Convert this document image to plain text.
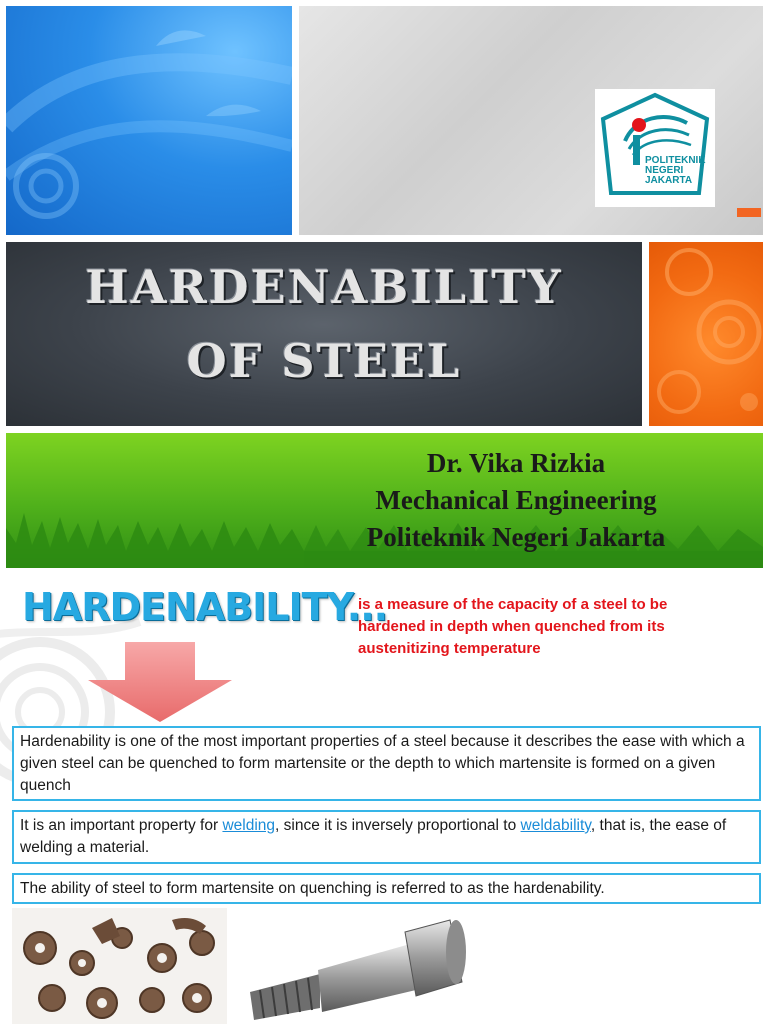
POLITEKNIK
NEGERI
JAKARTA
HARDENABILITY
OF STEEL
Dr. Vika Rizkia
Mechanical Engineering
Politeknik Negeri Jakarta
HARDENABILITY...
is a measure of the capacity of a steel to be hardened in depth when quenched from its austenitizing temperature
Hardenability is one of the most important properties of a steel because it describes the ease with which a given steel can be quenched to form martensite or the depth to which martensite is formed on a given quench
It is an important property for welding, since it is inversely proportional to weldability, that is, the ease of welding a material.
The ability of steel to form martensite on quenching is referred to as the hardenability.
